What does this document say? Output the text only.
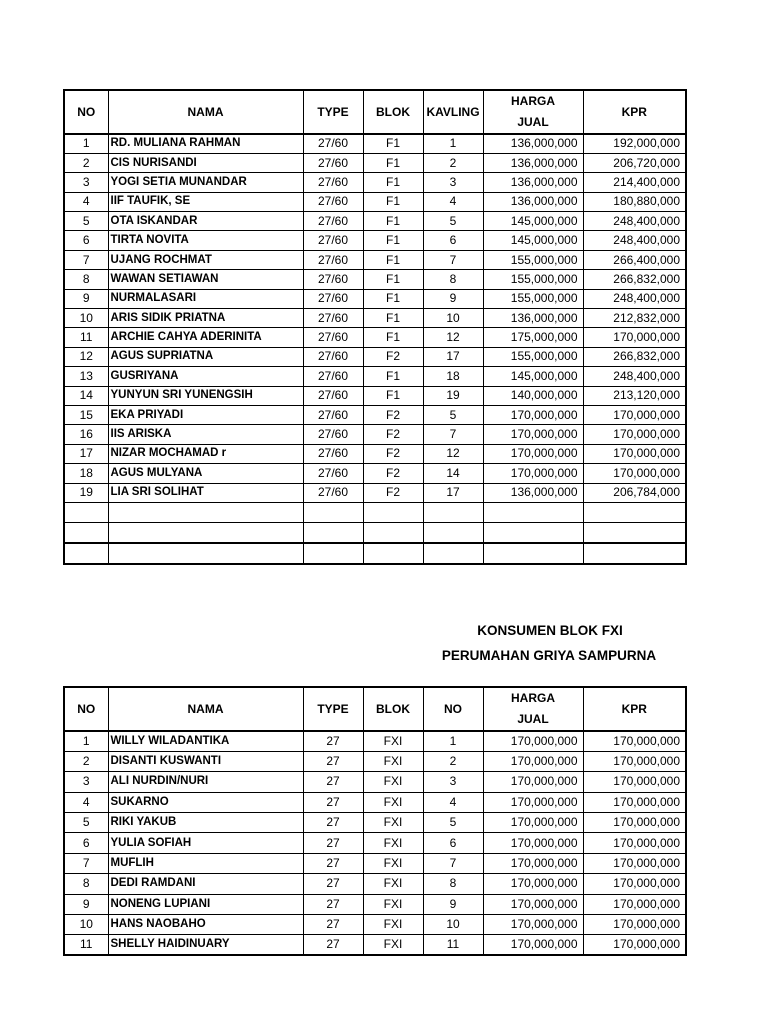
NO	NAMA	TYPE	BLOK	KAVLING	HARGA
JUAL	KPR
1	RD. MULIANA RAHMAN	27/60	F1	1	136,000,000	192,000,000
2	CIS NURISANDI	27/60	F1	2	136,000,000	206,720,000
3	YOGI SETIA MUNANDAR	27/60	F1	3	136,000,000	214,400,000
4	IIF TAUFIK, SE	27/60	F1	4	136,000,000	180,880,000
5	OTA ISKANDAR	27/60	F1	5	145,000,000	248,400,000
6	TIRTA NOVITA	27/60	F1	6	145,000,000	248,400,000
7	UJANG ROCHMAT	27/60	F1	7	155,000,000	266,400,000
8	WAWAN SETIAWAN	27/60	F1	8	155,000,000	266,832,000
9	NURMALASARI	27/60	F1	9	155,000,000	248,400,000
10	ARIS SIDIK PRIATNA	27/60	F1	10	136,000,000	212,832,000
11	ARCHIE CAHYA ADERINITA	27/60	F1	12	175,000,000	170,000,000
12	AGUS SUPRIATNA	27/60	F2	17	155,000,000	266,832,000
13	GUSRIYANA	27/60	F1	18	145,000,000	248,400,000
14	YUNYUN SRI YUNENGSIH	27/60	F1	19	140,000,000	213,120,000
15	EKA PRIYADI	27/60	F2	5	170,000,000	170,000,000
16	IIS ARISKA	27/60	F2	7	170,000,000	170,000,000
17	NIZAR MOCHAMAD r	27/60	F2	12	170,000,000	170,000,000
18	AGUS MULYANA	27/60	F2	14	170,000,000	170,000,000
19	LIA SRI SOLIHAT	27/60	F2	17	136,000,000	206,784,000

KONSUMEN BLOK FXI
PERUMAHAN GRIYA SAMPURNA
NO	NAMA	TYPE	BLOK	NO	HARGA
JUAL	KPR
1	WILLY WILADANTIKA	27	FXI	1	170,000,000	170,000,000
2	DISANTI KUSWANTI	27	FXI	2	170,000,000	170,000,000
3	ALI NURDIN/NURI	27	FXI	3	170,000,000	170,000,000
4	SUKARNO	27	FXI	4	170,000,000	170,000,000
5	RIKI YAKUB	27	FXI	5	170,000,000	170,000,000
6	YULIA SOFIAH	27	FXI	6	170,000,000	170,000,000
7	MUFLIH	27	FXI	7	170,000,000	170,000,000
8	DEDI RAMDANI	27	FXI	8	170,000,000	170,000,000
9	NONENG LUPIANI	27	FXI	9	170,000,000	170,000,000
10	HANS NAOBAHO	27	FXI	10	170,000,000	170,000,000
11	SHELLY HAIDINUARY	27	FXI	11	170,000,000	170,000,000
